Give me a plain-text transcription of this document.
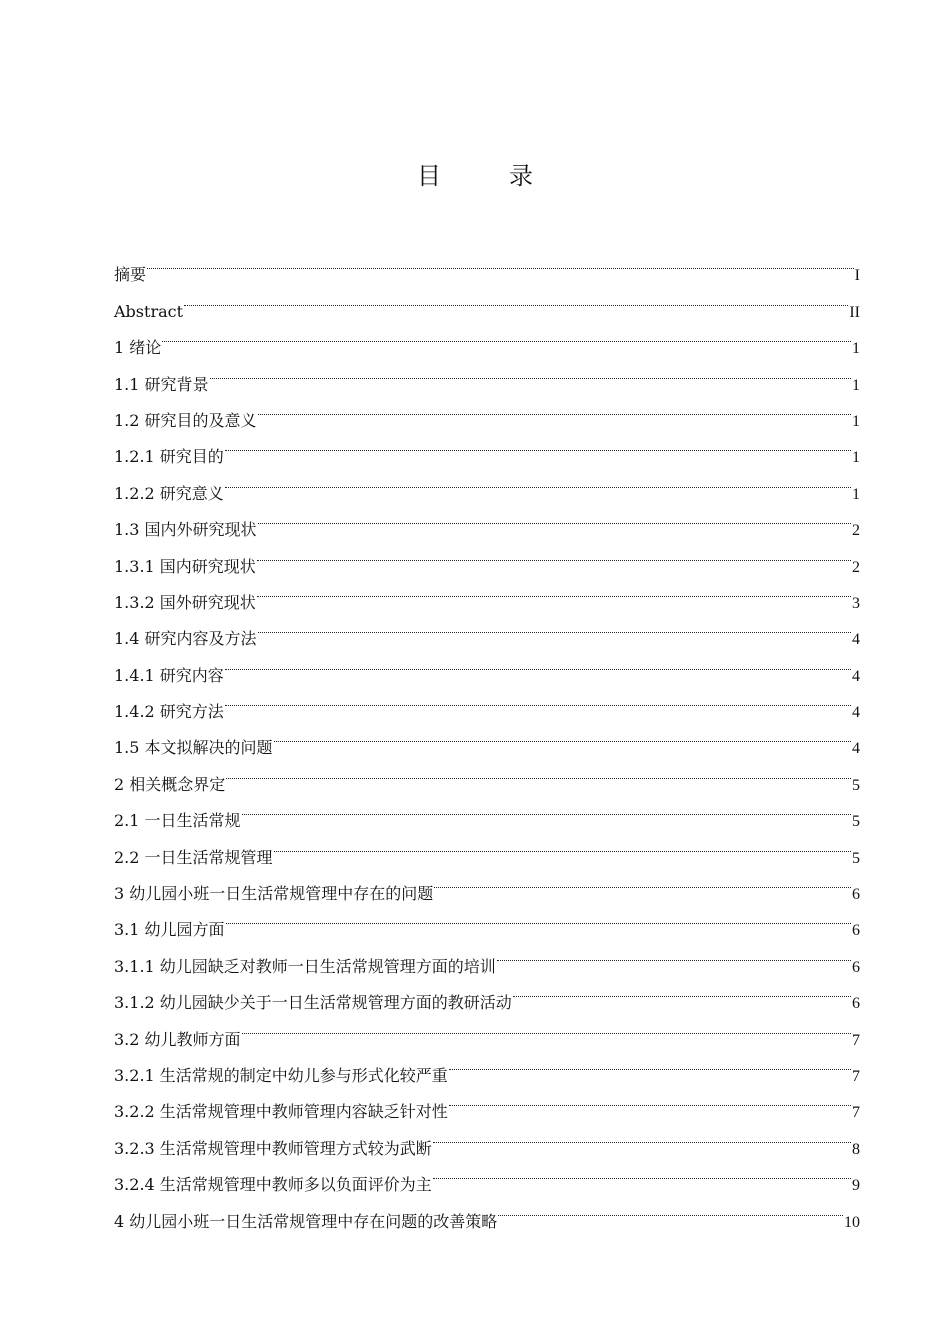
目　录
摘要	I
Abstract	II
1 绪论	1
1.1 研究背景	1
1.2 研究目的及意义	1
1.2.1 研究目的	1
1.2.2 研究意义	1
1.3 国内外研究现状	2
1.3.1 国内研究现状	2
1.3.2 国外研究现状	3
1.4 研究内容及方法	4
1.4.1 研究内容	4
1.4.2 研究方法	4
1.5 本文拟解决的问题	4
2 相关概念界定	5
2.1 一日生活常规	5
2.2 一日生活常规管理	5
3 幼儿园小班一日生活常规管理中存在的问题	6
3.1 幼儿园方面	6
3.1.1 幼儿园缺乏对教师一日生活常规管理方面的培训	6
3.1.2 幼儿园缺少关于一日生活常规管理方面的教研活动	6
3.2 幼儿教师方面	7
3.2.1 生活常规的制定中幼儿参与形式化较严重	7
3.2.2 生活常规管理中教师管理内容缺乏针对性	7
3.2.3 生活常规管理中教师管理方式较为武断	8
3.2.4 生活常规管理中教师多以负面评价为主	9
4 幼儿园小班一日生活常规管理中存在问题的改善策略	10
